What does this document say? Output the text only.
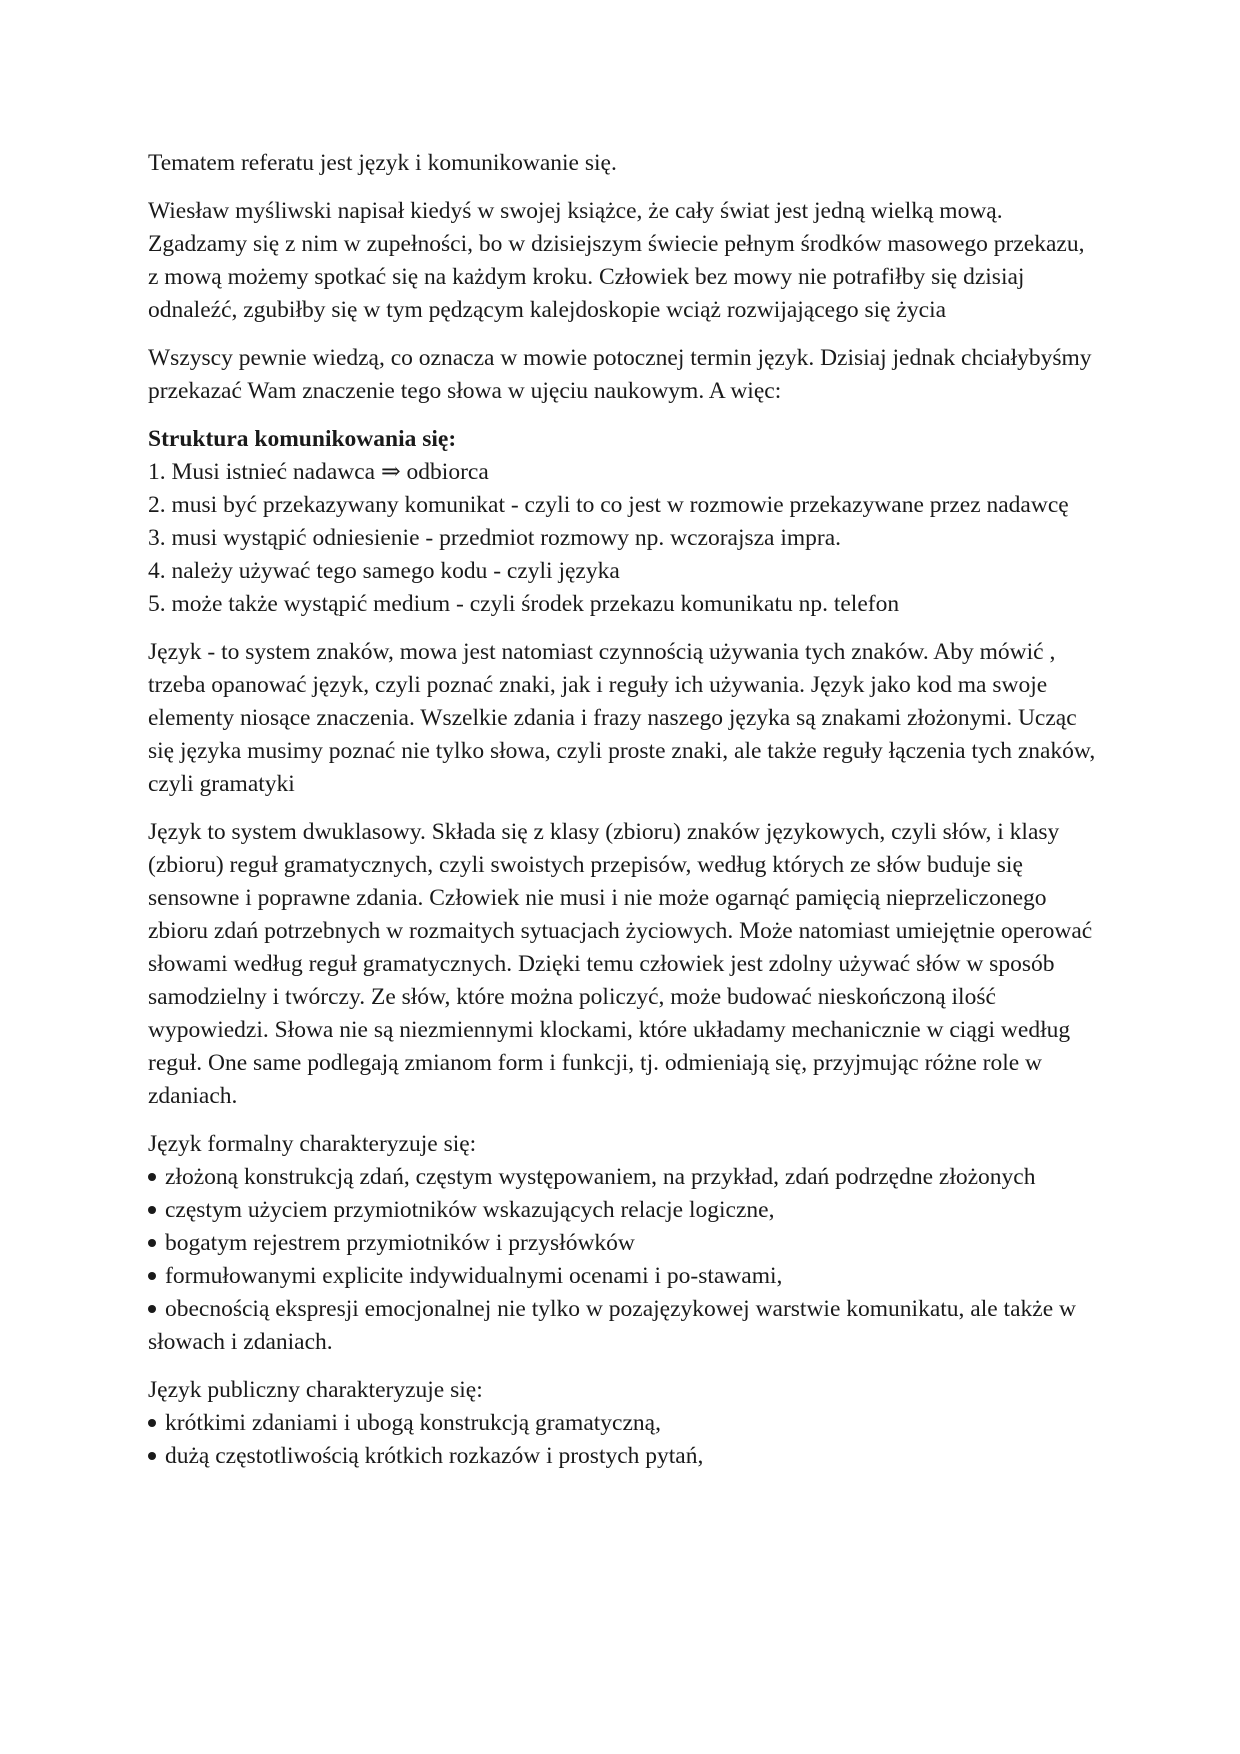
Tematem referatu jest język i komunikowanie się.

Wiesław myśliwski napisał kiedyś w swojej książce, że cały świat jest jedną wielką mową. Zgadzamy się z nim w zupełności, bo w dzisiejszym świecie pełnym środków masowego przekazu, z mową możemy spotkać się na każdym kroku. Człowiek bez mowy nie potrafiłby się dzisiaj odnaleźć, zgubiłby się w tym pędzącym kalejdoskopie wciąż rozwijającego się życia

Wszyscy pewnie wiedzą, co oznacza w mowie potocznej termin język. Dzisiaj jednak chciałybyśmy przekazać Wam znaczenie tego słowa w ujęciu naukowym. A więc:

Struktura komunikowania się:
1. Musi istnieć nadawca ⇒ odbiorca
2. musi być przekazywany komunikat - czyli to co jest w rozmowie przekazywane przez nadawcę
3. musi wystąpić odniesienie - przedmiot rozmowy np. wczorajsza impra.
4. należy używać tego samego kodu - czyli języka
5. może także wystąpić medium - czyli środek przekazu komunikatu np. telefon

Język - to system znaków, mowa jest natomiast czynnością używania tych znaków. Aby mówić , trzeba opanować język, czyli poznać znaki, jak i reguły ich używania. Język jako kod ma swoje elementy niosące znaczenia. Wszelkie zdania i frazy naszego języka są znakami złożonymi. Ucząc się języka musimy poznać nie tylko słowa, czyli proste znaki, ale także reguły łączenia tych znaków, czyli gramatyki

Język to system dwuklasowy. Składa się z klasy (zbioru) znaków językowych, czyli słów, i klasy (zbioru) reguł gramatycznych, czyli swoistych przepisów, według których ze słów buduje się sensowne i poprawne zdania. Człowiek nie musi i nie może ogarnąć pamięcią nieprzeliczonego zbioru zdań potrzebnych w rozmaitych sytuacjach życiowych. Może natomiast umiejętnie operować słowami według reguł gramatycznych. Dzięki temu człowiek jest zdolny używać słów w sposób samodzielny i twórczy. Ze słów, które można policzyć, może budować nieskończoną ilość wypowiedzi. Słowa nie są niezmiennymi klockami, które układamy mechanicznie w ciągi według reguł. One same podlegają zmianom form i funkcji, tj. odmieniają się, przyjmując różne role w zdaniach.

Język formalny charakteryzuje się:
złożoną konstrukcją zdań, częstym występowaniem, na przykład, zdań podrzędne złożonych
częstym użyciem przymiotników wskazujących relacje logiczne,
bogatym rejestrem przymiotników i przysłówków
formułowanymi explicite indywidualnymi ocenami i po-stawami,
obecnością ekspresji emocjonalnej nie tylko w pozajęzykowej warstwie komunikatu, ale także w słowach i zdaniach.
Język publiczny charakteryzuje się:
krótkimi zdaniami i ubogą konstrukcją gramatyczną,
dużą częstotliwością krótkich rozkazów i prostych pytań,
